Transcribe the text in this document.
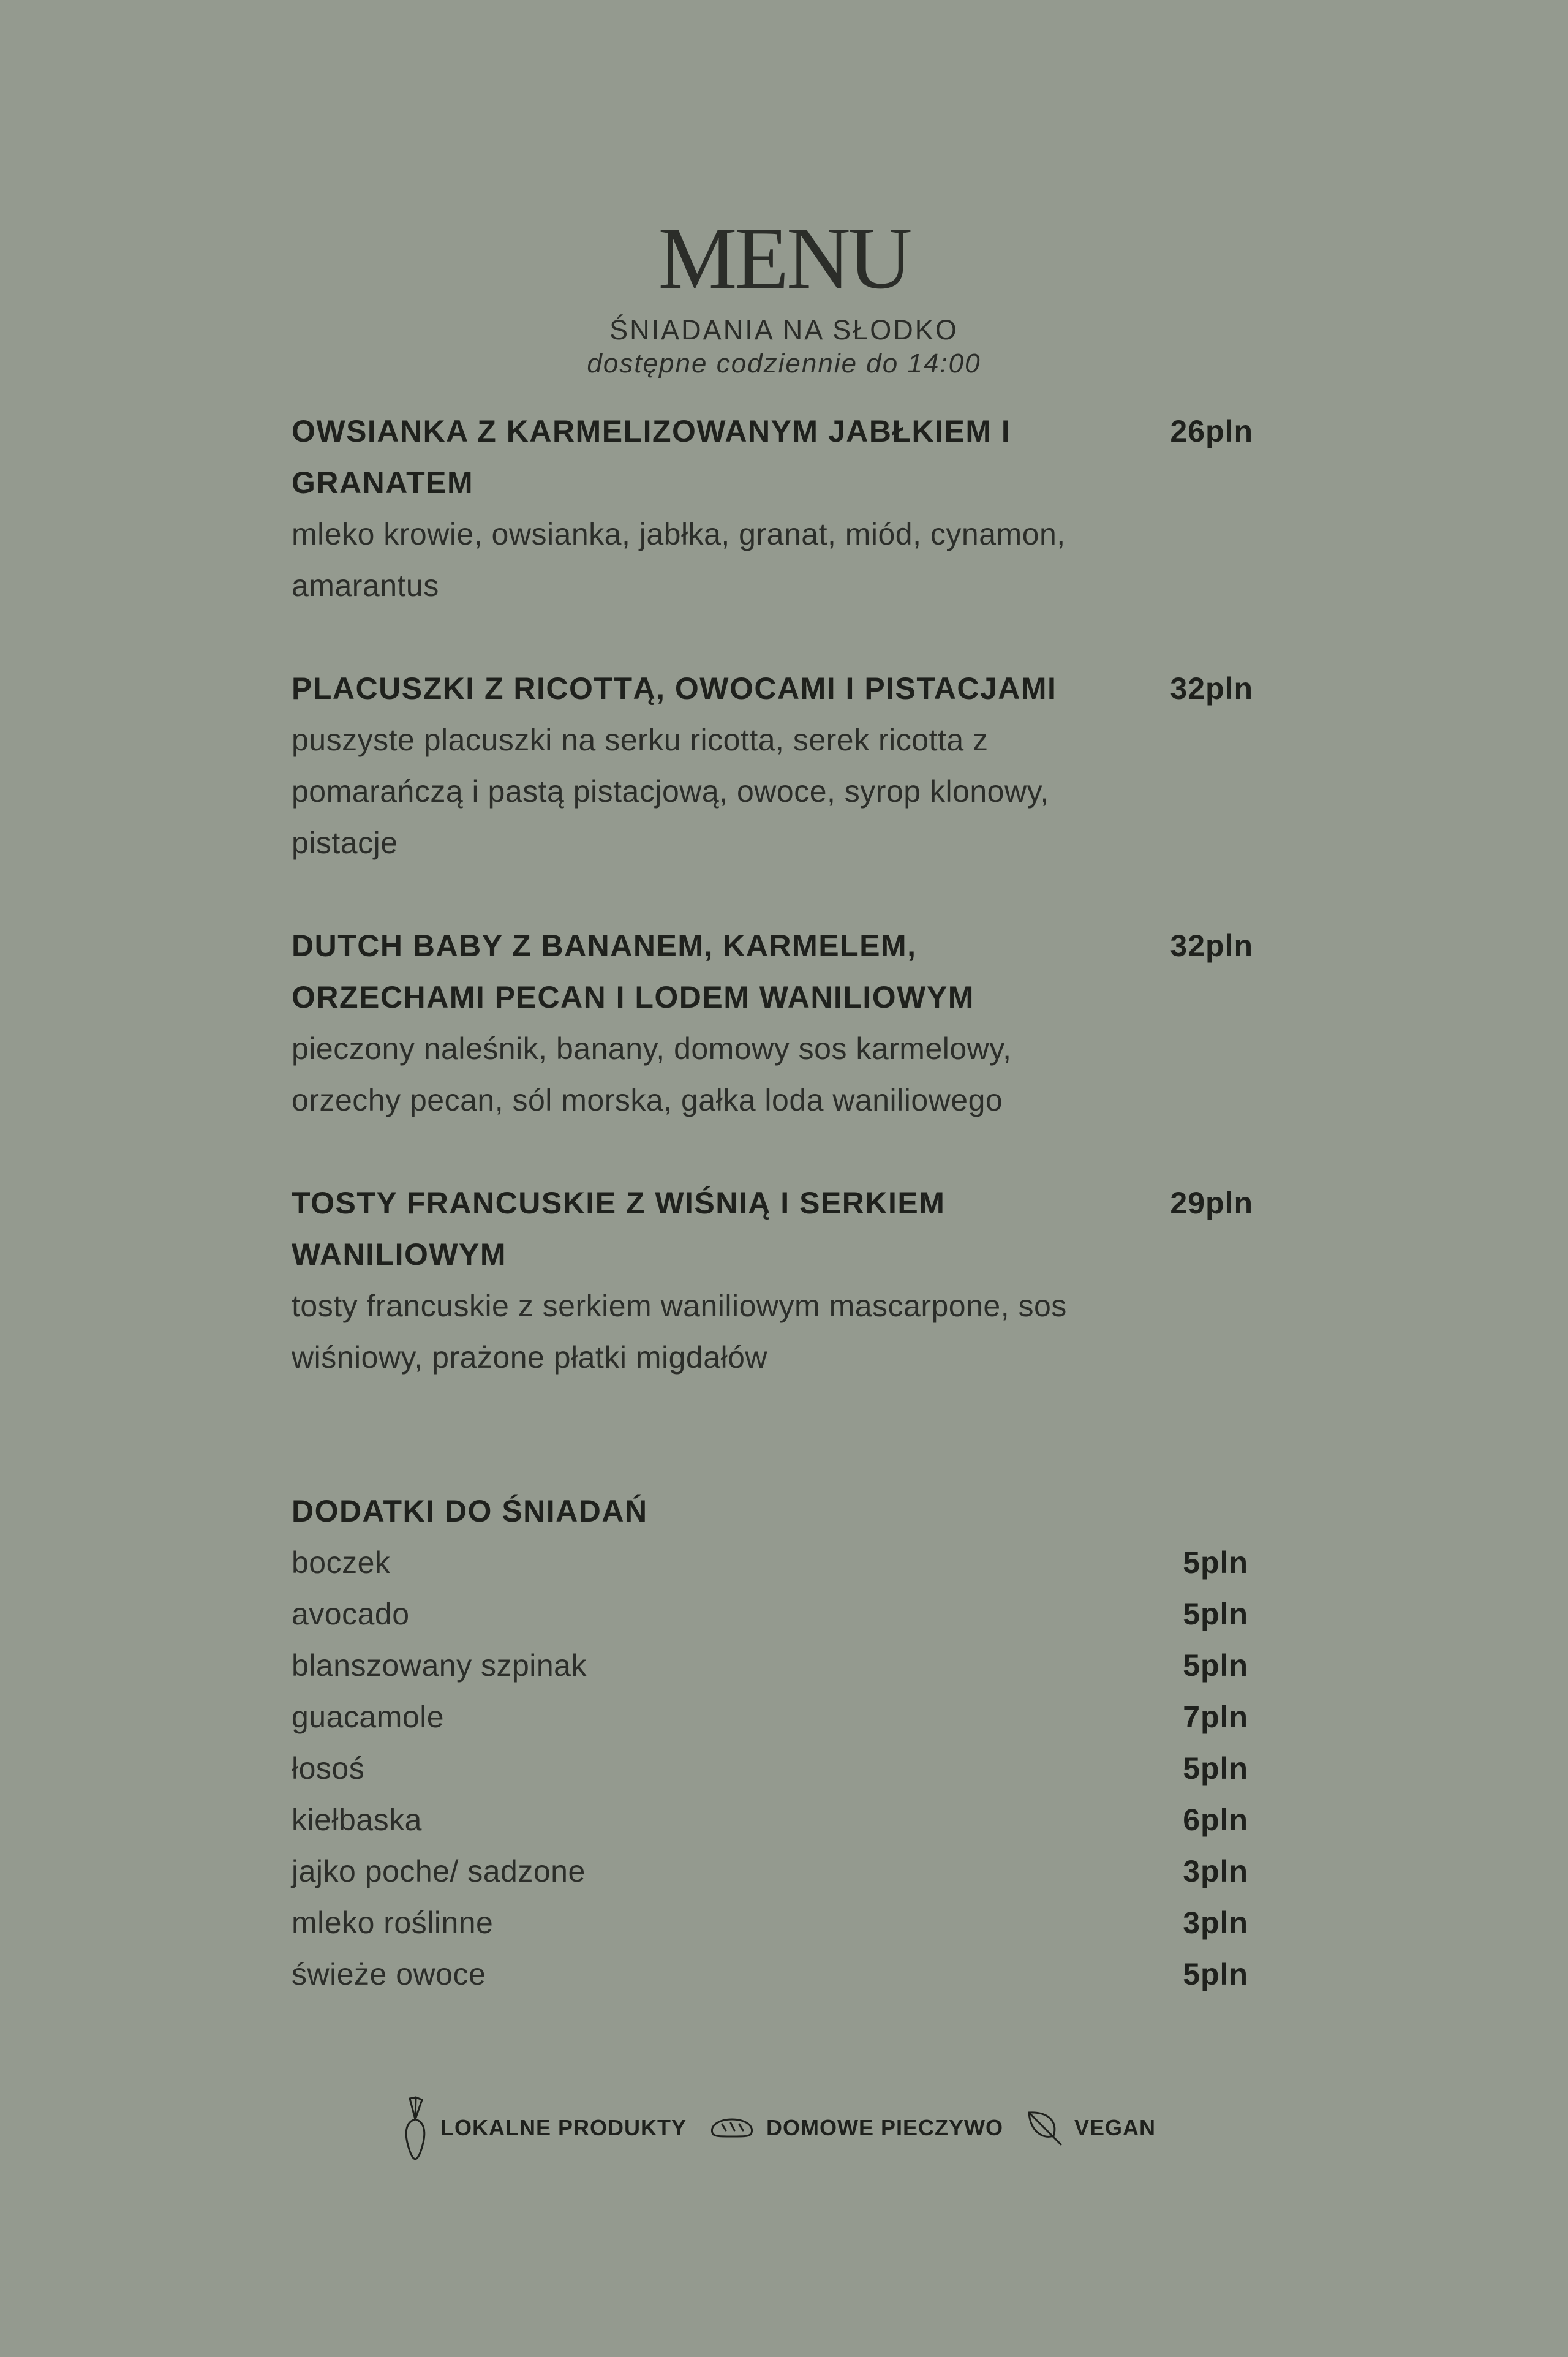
MENU
ŚNIADANIA NA SŁODKO
dostępne codziennie do 14:00
OWSIANKA Z KARMELIZOWANYM JABŁKIEM I GRANATEM
mleko krowie, owsianka, jabłka, granat, miód, cynamon, amarantus
26pln
PLACUSZKI Z RICOTTĄ, OWOCAMI I PISTACJAMI
puszyste placuszki na serku ricotta, serek ricotta z pomarańczą i pastą pistacjową, owoce, syrop klonowy, pistacje
32pln
DUTCH BABY Z BANANEM, KARMELEM, ORZECHAMI PECAN I LODEM WANILIOWYM
pieczony naleśnik, banany, domowy sos karmelowy, orzechy pecan, sól morska, gałka loda waniliowego
32pln
TOSTY FRANCUSKIE Z WIŚNIĄ I SERKIEM WANILIOWYM
tosty francuskie z serkiem waniliowym mascarpone, sos wiśniowy, prażone płatki migdałów
29pln
DODATKI DO ŚNIADAŃ
boczek	5pln
avocado	5pln
blanszowany szpinak	5pln
guacamole	7pln
łosoś	5pln
kiełbaska	6pln
jajko poche/ sadzone	3pln
mleko roślinne	3pln
świeże owoce	5pln
LOKALNE PRODUKTY	DOMOWE PIECZYWO	VEGAN
